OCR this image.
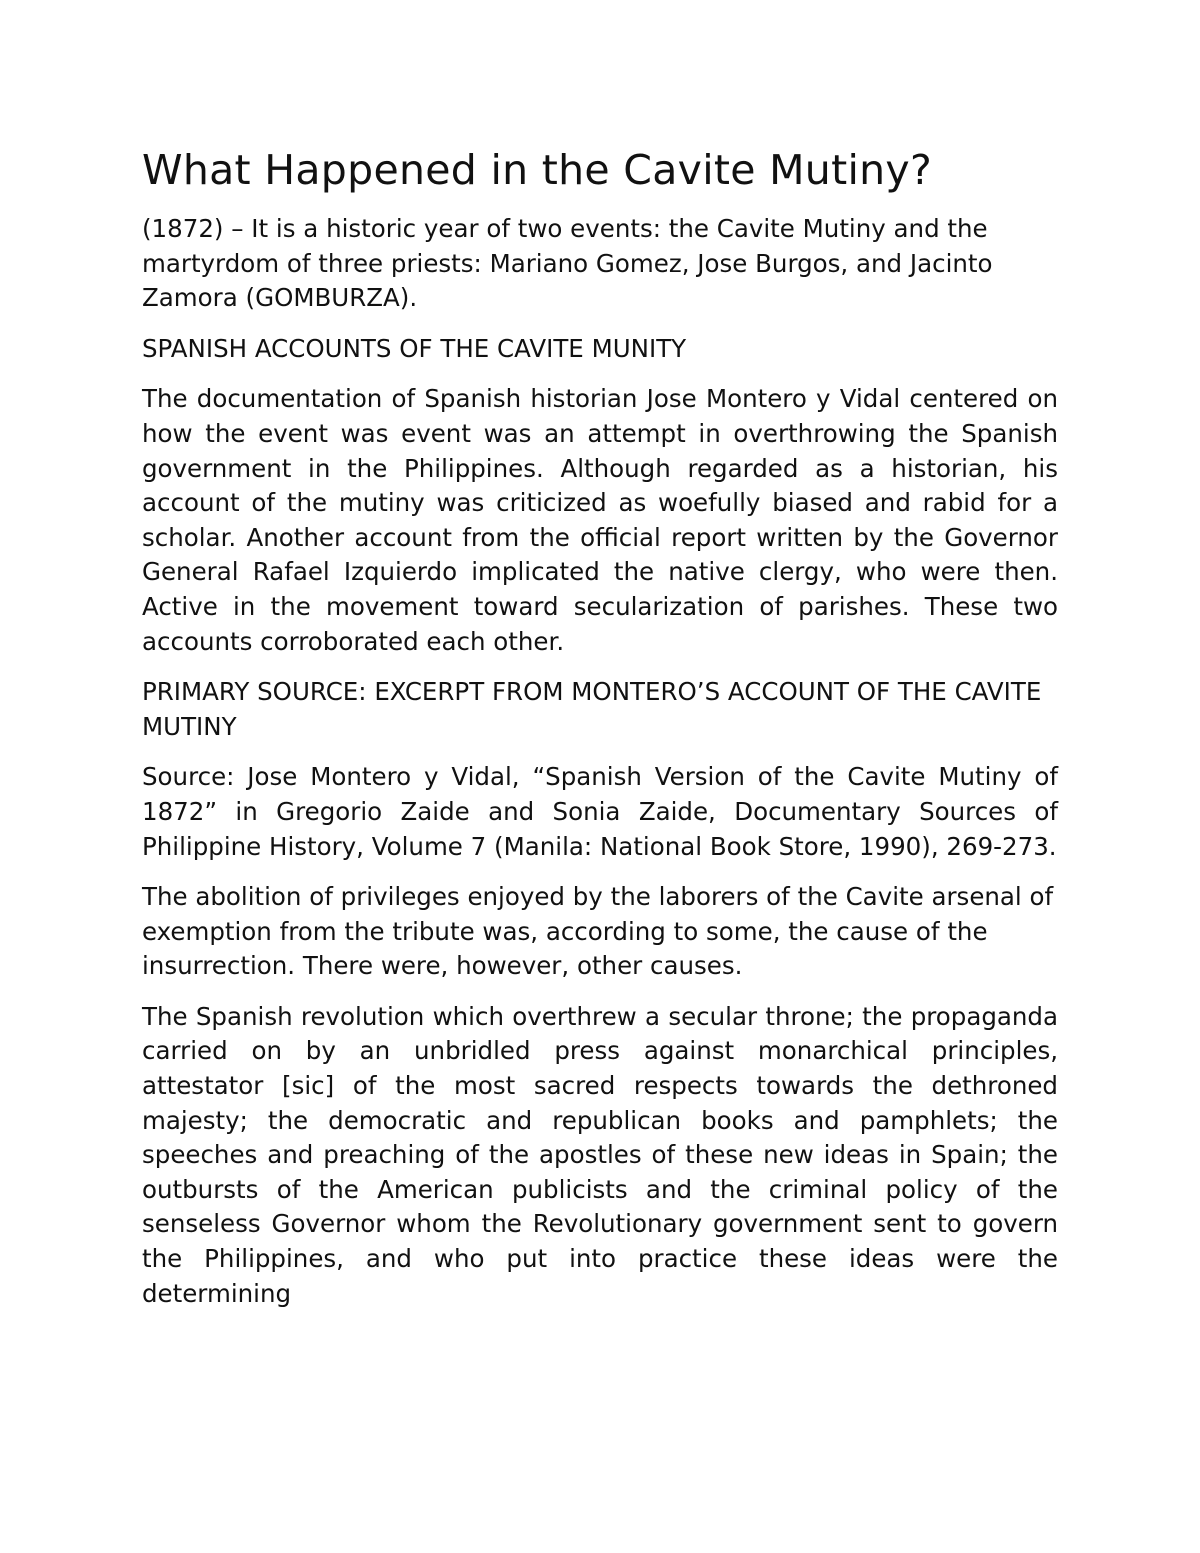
What Happened in the Cavite Mutiny?

(1872) – It is a historic year of two events: the Cavite Mutiny and the martyrdom of three priests: Mariano Gomez, Jose Burgos, and Jacinto Zamora (GOMBURZA).

SPANISH ACCOUNTS OF THE CAVITE MUNITY

The documentation of Spanish historian Jose Montero y Vidal centered on how the event was event was an attempt in overthrowing the Spanish government in the Philippines. Although regarded as a historian, his account of the mutiny was criticized as woefully biased and rabid for a scholar. Another account from the official report written by the Governor General Rafael Izquierdo implicated the native clergy, who were then. Active in the movement toward secularization of parishes. These two accounts corroborated each other.

PRIMARY SOURCE: EXCERPT FROM MONTERO’S ACCOUNT OF THE CAVITE MUTINY

Source: Jose Montero y Vidal, “Spanish Version of the Cavite Mutiny of 1872” in Gregorio Zaide and Sonia Zaide, Documentary Sources of Philippine History, Volume 7 (Manila: National Book Store, 1990), 269-273.

The abolition of privileges enjoyed by the laborers of the Cavite arsenal of exemption from the tribute was, according to some, the cause of the insurrection. There were, however, other causes.

The Spanish revolution which overthrew a secular throne; the propaganda carried on by an unbridled press against monarchical principles, attestator [sic] of the most sacred respects towards the dethroned majesty; the democratic and republican books and pamphlets; the speeches and preaching of the apostles of these new ideas in Spain; the outbursts of the American publicists and the criminal policy of the senseless Governor whom the Revolutionary government sent to govern the Philippines, and who put into practice these ideas were the determining
